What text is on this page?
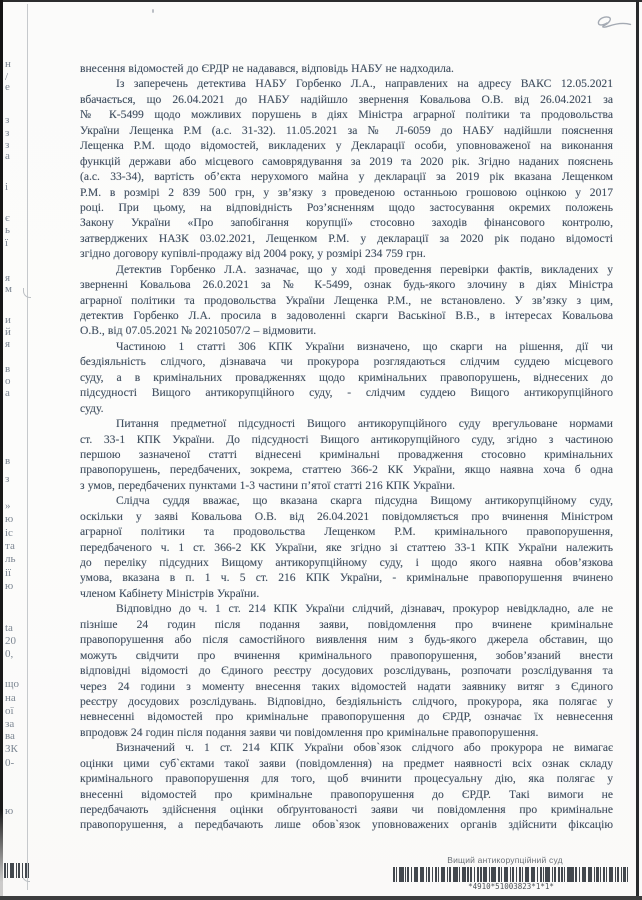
н
/
е
з
з
з
а
і
є
ь
ї
я
м
и
й
я
в
о
а
в
з
»
ю
іс
та
ль
ії
ю
ta
20
0,
що
на
ої
за
ва
ЗК
0-
ю
внесення відомостей до ЄРДР не надавався, відповідь НАБУ не надходила.
Із заперечень детектива НАБУ Горбенко Л.А., направлених на адресу ВАКС 12.05.2021
вбачається, що 26.04.2021 до НАБУ надійшло звернення Ковальова О.В. від 26.04.2021 за
№ К-5499 щодо можливих порушень в діях Міністра аграрної політики та продовольства
України Лещенка Р.М (а.с. 31-32). 11.05.2021 за № Л-6059 до НАБУ надійшли пояснення
Лещенка Р.М. щодо відомостей, викладених у Декларації особи, уповноваженої на виконання
функцій держави або місцевого самоврядування за 2019 та 2020 рік. Згідно наданих пояснень
(а.с. 33-34), вартість об’єкта нерухомого майна у декларації за 2019 рік вказана Лещенком
Р.М. в розмірі 2 839 500 грн, у зв’язку з проведеною останньою грошовою оцінкою у 2017
році. При цьому, на відповідність Роз’ясненням щодо застосування окремих положень
Закону України «Про запобігання корупції» стосовно заходів фінансового контролю,
затверджених НАЗК 03.02.2021, Лещенком Р.М. у декларації за 2020 рік подано відомості
згідно договору купівлі-продажу від 2004 року, у розмірі 234 759 грн.
Детектив Горбенко Л.А. зазначає, що у ході проведення перевірки фактів, викладених у
зверненні Ковальова 26.0.2021 за № К-5499, ознак будь-якого злочину в діях Міністра
аграрної політики та продовольства України Лещенка Р.М., не встановлено. У зв’язку з цим,
детектив Горбенко Л.А. просила в задоволенні скарги Васькіної В.В., в інтересах Ковальова
О.В., від 07.05.2021 № 20210507/2 – відмовити.
Частиною 1 статті 306 КПК України визначено, що скарги на рішення, дії чи
бездіяльність слідчого, дізнавача чи прокурора розглядаються слідчим суддею місцевого
суду, а в кримінальних провадженнях щодо кримінальних правопорушень, віднесених до
підсудності Вищого антикорупційного суду, - слідчим суддею Вищого антикорупційного
суду.
Питання предметної підсудності Вищого антикорупційного суду врегульоване нормами
ст. 33-1 КПК України. До підсудності Вищого антикорупційного суду, згідно з частиною
першою зазначеної статті віднесені кримінальні провадження стосовно кримінальних
правопорушень, передбачених, зокрема, статтею 366-2 КК України, якщо наявна хоча б одна
з умов, передбачених пунктами 1-3 частини п’ятої статті 216 КПК України.
Слідча суддя вважає, що вказана скарга підсудна Вищому антикорупційному суду,
оскільки у заяві Ковальова О.В. від 26.04.2021 повідомляється про вчинення Міністром
аграрної політики та продовольства Лещенком Р.М. кримінального правопорушення,
передбаченого ч. 1 ст. 366-2 КК України, яке згідно зі статтею 33-1 КПК України належить
до переліку підсудних Вищому антикорупційному суду, і щодо якого наявна обов’язкова
умова, вказана в п. 1 ч. 5 ст. 216 КПК України, - кримінальне правопорушення вчинено
членом Кабінету Міністрів України.
Відповідно до ч. 1 ст. 214 КПК України слідчий, дізнавач, прокурор невідкладно, але не
пізніше 24 годин після подання заяви, повідомлення про вчинене кримінальне
правопорушення або після самостійного виявлення ним з будь-якого джерела обставин, що
можуть свідчити про вчинення кримінального правопорушення, зобов’язаний внести
відповідні відомості до Єдиного реєстру досудових розслідувань, розпочати розслідування та
через 24 години з моменту внесення таких відомостей надати заявнику витяг з Єдиного
реєстру досудових розслідувань. Відповідно, бездіяльність слідчого, прокурора, яка полягає у
невнесенні відомостей про кримінальне правопорушення до ЄРДР, означає їх невнесення
впродовж 24 годин після подання заяви чи повідомлення про кримінальне правопорушення.
Визначений ч. 1 ст. 214 КПК України обов`язок слідчого або прокурора не вимагає
оцінки цими суб`єктами такої заяви (повідомлення) на предмет наявності всіх ознак складу
кримінального правопорушення для того, щоб вчинити процесуальну дію, яка полягає у
внесенні відомостей про кримінальне правопорушення до ЄРДР. Такі вимоги не
передбачають здійснення оцінки обґрунтованості заяви чи повідомлення про кримінальне
правопорушення, а передбачають лише обов`язок уповноважених органів здійснити фіксацію
Вищий антикорупційний суд
*4910*51003823*1*1*
